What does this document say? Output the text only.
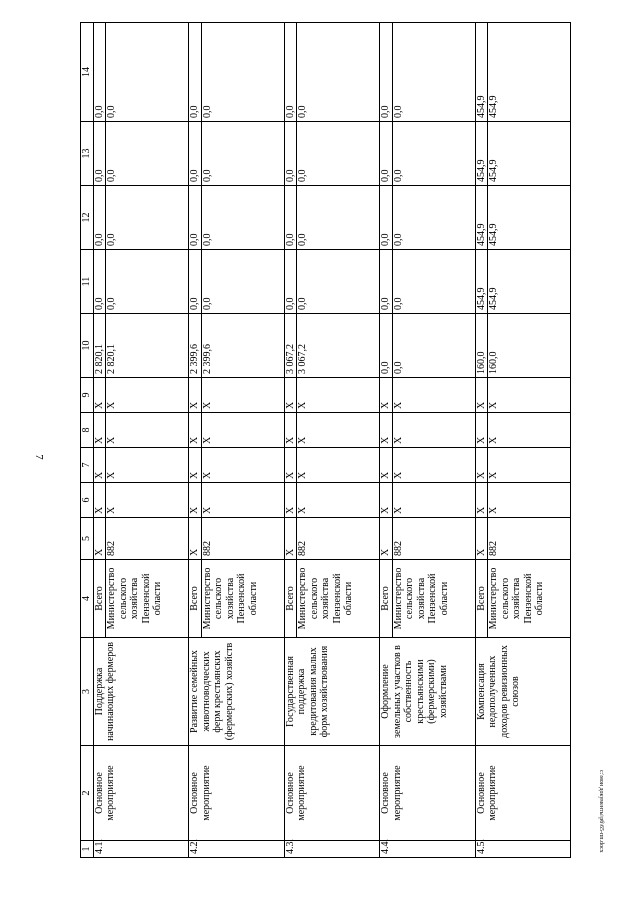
7
c:\мои документы\рб\65-пп.docx
1	2	3	4	5	6	7	8	9	10	11	12	13	14
4.1.	Основное мероприятие	Поддержка начинающих фермеров	Всего	X	X	X	X	X	2 820,1	0,0	0,0	0,0	0,0
			Министерство сельского хозяйства Пензенской области	882	X	X	X	X	2 820,1	0,0	0,0	0,0	0,0
4.2.	Основное мероприятие	Развитие семейных животноводческих ферм крестьянских (фермерских) хозяйств	Всего	X	X	X	X	X	2 399,6	0,0	0,0	0,0	0,0
			Министерство сельского хозяйства Пензенской области	882	X	X	X	X	2 399,6	0,0	0,0	0,0	0,0
4.3.	Основное мероприятие	Государственная поддержка кредитования малых форм хозяйствования	Всего	X	X	X	X	X	3 067,2	0,0	0,0	0,0	0,0
			Министерство сельского хозяйства Пензенской области	882	X	X	X	X	3 067,2	0,0	0,0	0,0	0,0
4.4.	Основное мероприятие	Оформление земельных участков в собственность крестьянскими (фермерскими) хозяйствами	Всего	X	X	X	X	X	0,0	0,0	0,0	0,0	0,0
			Министерство сельского хозяйства Пензенской области	882	X	X	X	X	0,0	0,0	0,0	0,0	0,0
4.5.	Основное мероприятие	Компенсация недополученных доходов ревизионных союзов	Всего	X	X	X	X	X	160,0	454,9	454,9	454,9	454,9
			Министерство сельского хозяйства Пензенской области	882	X	X	X	X	160,0	454,9	454,9	454,9	454,9
